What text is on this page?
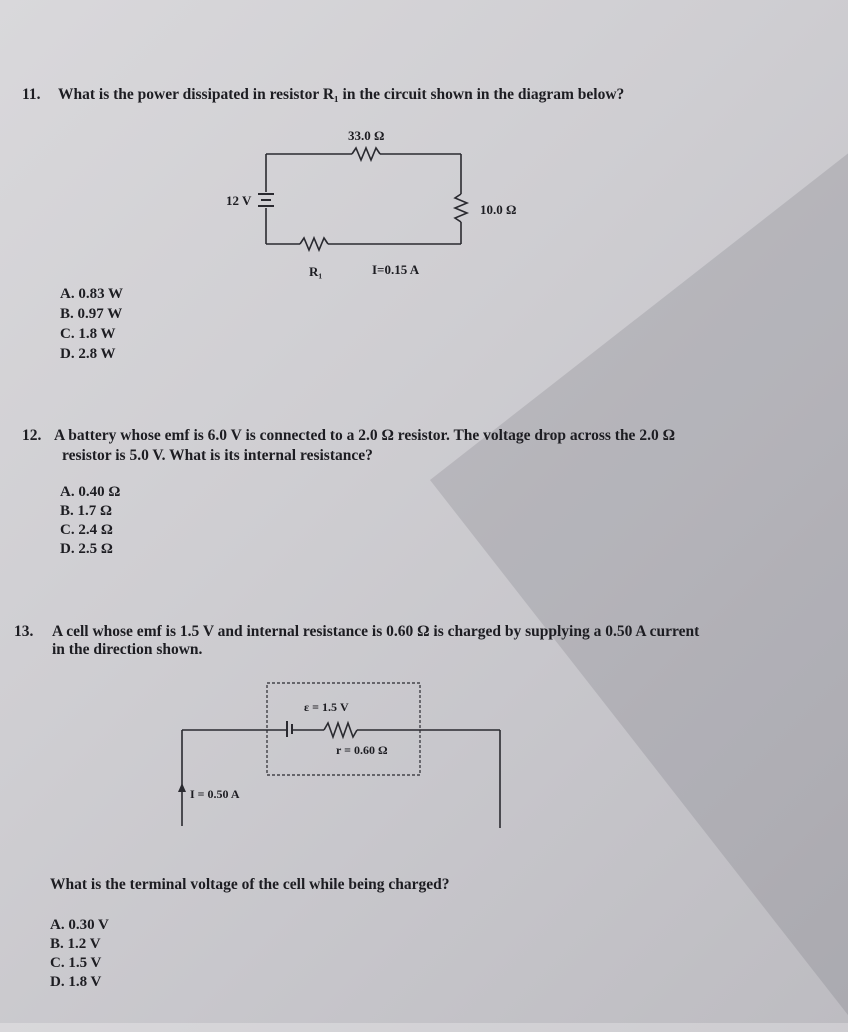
11. What is the power dissipated in resistor R₁ in the circuit shown in the diagram below?
33.0 Ω
12 V
10.0 Ω
R₁	I=0.15 A
A. 0.83 W
B. 0.97 W
C. 1.8 W
D. 2.8 W
12. A battery whose emf is 6.0 V is connected to a 2.0 Ω resistor. The voltage drop across the 2.0 Ω
resistor is 5.0 V. What is its internal resistance?
A. 0.40 Ω
B. 1.7 Ω
C. 2.4 Ω
D. 2.5 Ω
13. A cell whose emf is 1.5 V and internal resistance is 0.60 Ω is charged by supplying a 0.50 A current
in the direction shown.
ε = 1.5 V
r = 0.60 Ω
I = 0.50 A
What is the terminal voltage of the cell while being charged?
A. 0.30 V
B. 1.2 V
C. 1.5 V
D. 1.8 V
